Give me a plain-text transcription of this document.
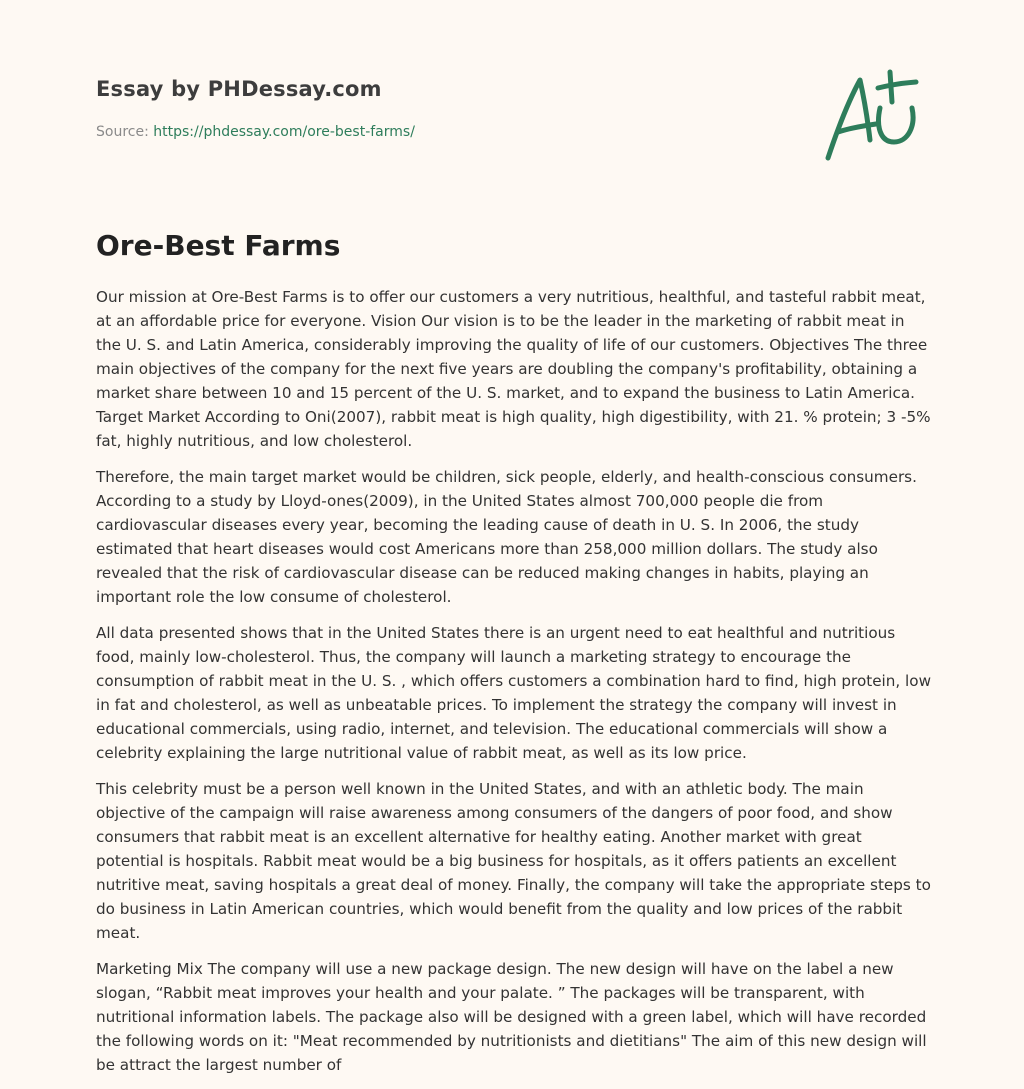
Essay by PHDessay.com
Source: https://phdessay.com/ore-best-farms/
Ore-Best Farms

Our mission at Ore-Best Farms is to offer our customers a very nutritious, healthful, and tasteful rabbit meat, at an affordable price for everyone. Vision Our vision is to be the leader in the marketing of rabbit meat in the U. S. and Latin America, considerably improving the quality of life of our customers. Objectives The three main objectives of the company for the next five years are doubling the company's profitability, obtaining a market share between 10 and 15 percent of the U. S. market, and to expand the business to Latin America. Target Market According to Oni(2007), rabbit meat is high quality, high digestibility, with 21. % protein; 3 -5% fat, highly nutritious, and low cholesterol.

Therefore, the main target market would be children, sick people, elderly, and health-conscious consumers. According to a study by Lloyd-ones(2009), in the United States almost 700,000 people die from cardiovascular diseases every year, becoming the leading cause of death in U. S. In 2006, the study estimated that heart diseases would cost Americans more than 258,000 million dollars. The study also revealed that the risk of cardiovascular disease can be reduced making changes in habits, playing an important role the low consume of cholesterol.

All data presented shows that in the United States there is an urgent need to eat healthful and nutritious food, mainly low-cholesterol. Thus, the company will launch a marketing strategy to encourage the consumption of rabbit meat in the U. S. , which offers customers a combination hard to find, high protein, low in fat and cholesterol, as well as unbeatable prices. To implement the strategy the company will invest in educational commercials, using radio, internet, and television. The educational commercials will show a celebrity explaining the large nutritional value of rabbit meat, as well as its low price.

This celebrity must be a person well known in the United States, and with an athletic body. The main objective of the campaign will raise awareness among consumers of the dangers of poor food, and show consumers that rabbit meat is an excellent alternative for healthy eating. Another market with great potential is hospitals. Rabbit meat would be a big business for hospitals, as it offers patients an excellent nutritive meat, saving hospitals a great deal of money. Finally, the company will take the appropriate steps to do business in Latin American countries, which would benefit from the quality and low prices of the rabbit meat.

Marketing Mix The company will use a new package design. The new design will have on the label a new slogan, “Rabbit meat improves your health and your palate. ” The packages will be transparent, with nutritional information labels. The package also will be designed with a green label, which will have recorded the following words on it: "Meat recommended by nutritionists and dietitians" The aim of this new design will be attract the largest number of
